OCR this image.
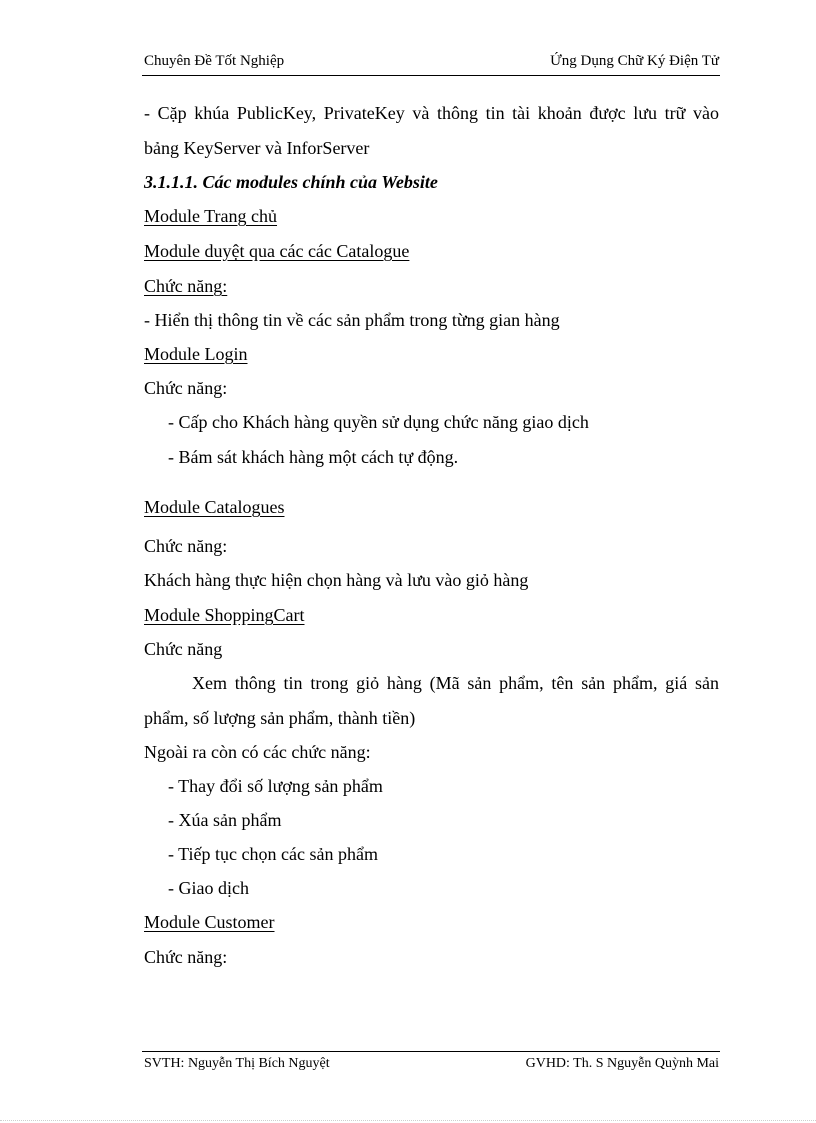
Chuyên Đề Tốt Nghiệp	Ứng Dụng Chữ Ký Điện Tử
- Cặp khúa PublicKey, PrivateKey và thông tin tài khoản được lưu trữ vào
bảng KeyServer và InforServer
3.1.1.1. Các modules chính của Website
Module Trang chủ
Module duyệt qua các các Catalogue
Chức năng:
- Hiển thị thông tin về các sản phẩm trong từng gian hàng
Module Login
Chức năng:
- Cấp cho Khách hàng quyền sử dụng chức năng giao dịch
- Bám sát khách hàng một cách tự động.
Module Catalogues
Chức năng:
Khách hàng thực hiện chọn hàng và lưu vào giỏ hàng
Module ShoppingCart
Chức năng
Xem thông tin trong giỏ hàng (Mã sản phẩm, tên sản phẩm, giá sản
phẩm, số lượng sản phẩm, thành tiền)
Ngoài ra còn có các chức năng:
- Thay đổi số lượng sản phẩm
- Xúa sản phẩm
- Tiếp tục chọn các sản phẩm
- Giao dịch
Module Customer
Chức năng:
SVTH: Nguyễn Thị Bích Nguyệt	GVHD: Th. S Nguyễn Quỳnh Mai
